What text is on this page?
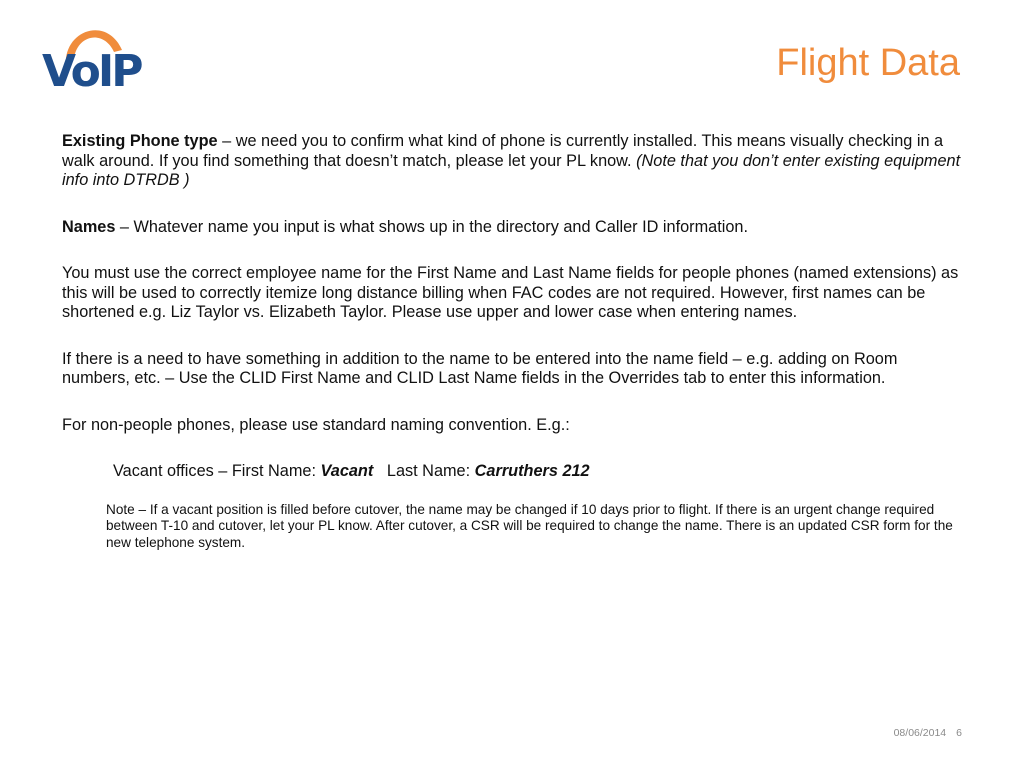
VoIP	Flight Data

Existing Phone type – we need you to confirm what kind of phone is currently installed. This means visually checking in a walk around. If you find something that doesn’t match, please let your PL know. (Note that you don’t enter existing equipment info into DTRDB )

Names – Whatever name you input is what shows up in the directory and Caller ID information.

You must use the correct employee name for the First Name and Last Name fields for people phones (named extensions) as this will be used to correctly itemize long distance billing when FAC codes are not required. However, first names can be shortened e.g. Liz Taylor vs. Elizabeth Taylor. Please use upper and lower case when entering names.

If there is a need to have something in addition to the name to be entered into the name field – e.g. adding on Room numbers, etc. – Use the CLID First Name and CLID Last Name fields in the Overrides tab to enter this information.

For non-people phones, please use standard naming convention. E.g.:

Vacant offices – First Name: Vacant   Last Name: Carruthers 212

Note – If a vacant position is filled before cutover, the name may be changed if 10 days prior to flight. If there is an urgent change required between T-10 and cutover, let your PL know. After cutover, a CSR will be required to change the name. There is an updated CSR form for the new telephone system.

08/06/2014 6
